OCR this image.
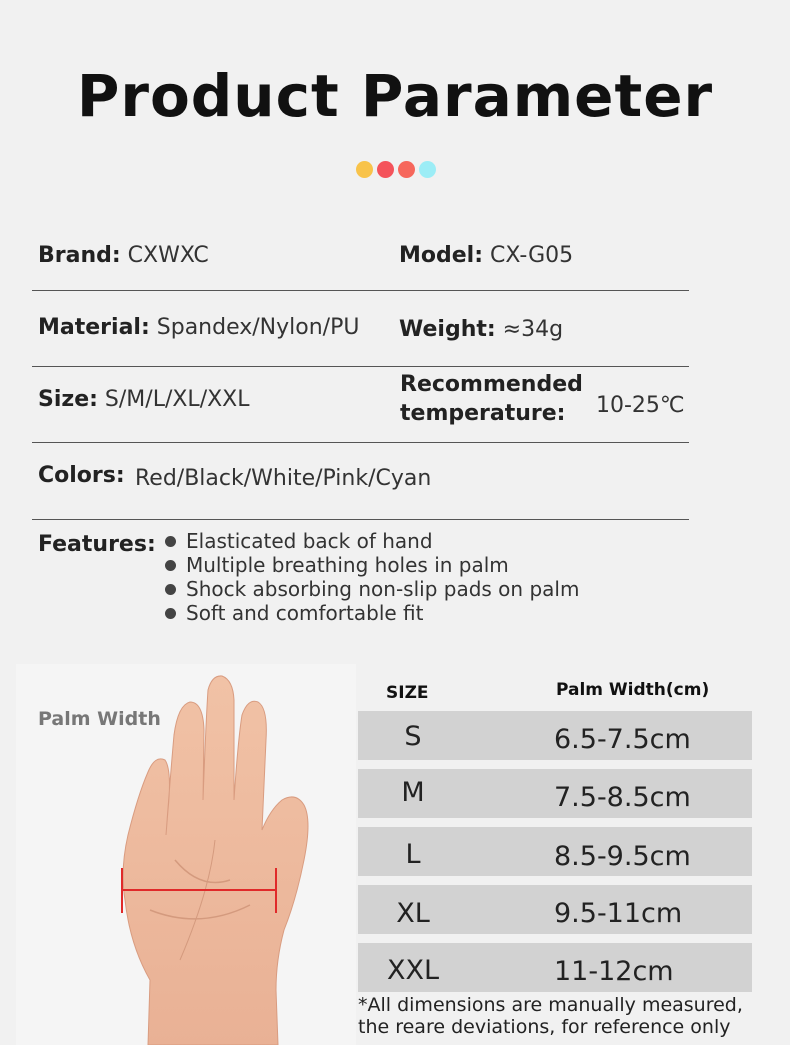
Product Parameter
Brand: CXWXC	Model: CX-G05
Material: Spandex/Nylon/PU Weight: ≈34g
Size: S/M/L/XL/XXL
Recommended
temperature:	10-25℃
Colors: Red/Black/White/Pink/Cyan
Features: Elasticated back of hand
Multiple breathing holes in palm
Shock absorbing non-slip pads on palm
Soft and comfortable fit
Palm Width
SIZE	Palm Width(cm)
S	6.5-7.5cm
M	7.5-8.5cm
L	8.5-9.5cm
XL	9.5-11cm
XXL	11-12cm
*All dimensions are manually measured,
the reare deviations, for reference only
